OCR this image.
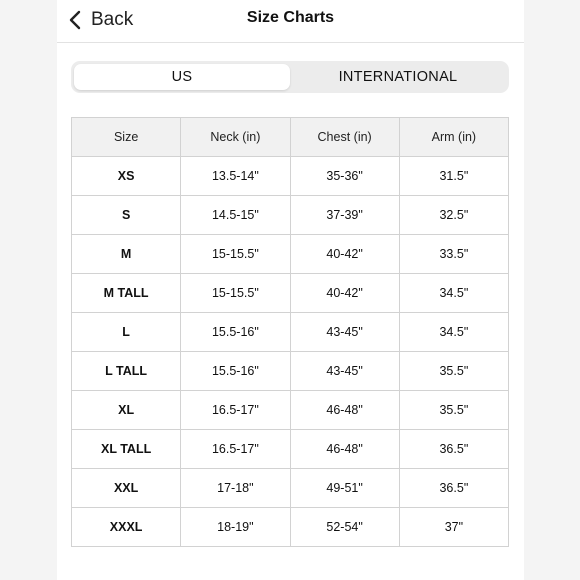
Back	Size Charts
US	INTERNATIONAL
Size	Neck (in)	Chest (in)	Arm (in)
XS	13.5-14"	35-36"	31.5"
S	14.5-15"	37-39"	32.5"
M	15-15.5"	40-42"	33.5"
M TALL	15-15.5"	40-42"	34.5"
L	15.5-16"	43-45"	34.5"
L TALL	15.5-16"	43-45"	35.5"
XL	16.5-17"	46-48"	35.5"
XL TALL	16.5-17"	46-48"	36.5"
XXL	17-18"	49-51"	36.5"
XXXL	18-19"	52-54"	37"
